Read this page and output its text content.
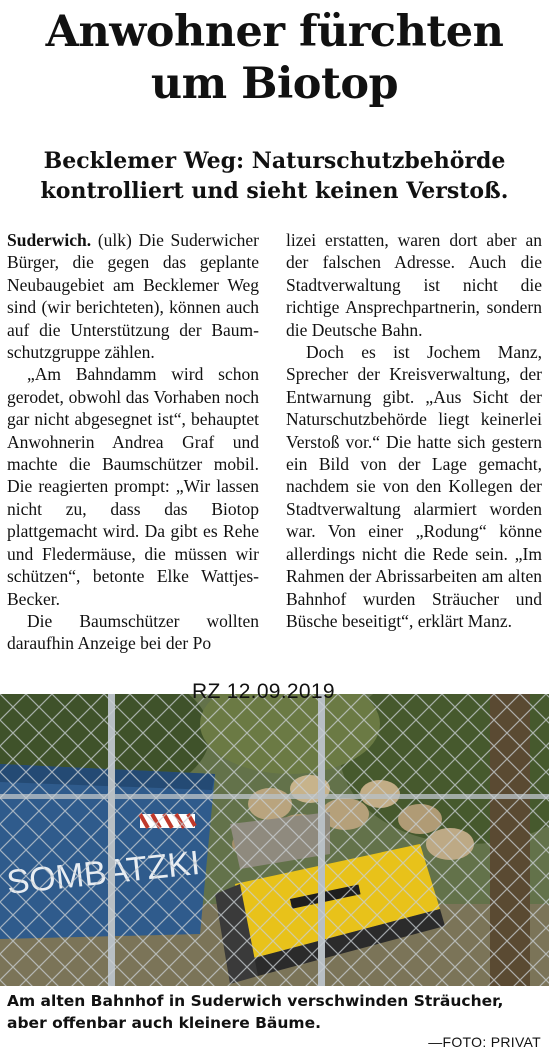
Anwohner fürchten
um Biotop
Becklemer Weg: Naturschutzbehörde
kontrolliert und sieht keinen Verstoß.

Suderwich. (ulk) Die Suderwicher Bürger, die gegen das geplante Neubaugebiet am Becklemer Weg sind (wir berichteten), können auch auf die Unterstützung der Baumschutzgruppe zählen.

„Am Bahndamm wird schon gerodet, obwohl das Vorhaben noch gar nicht abgesegnet ist“, behauptet Anwohnerin Andrea Graf und machte die Baumschützer mobil. Die reagierten prompt: „Wir lassen nicht zu, dass das Biotop plattgemacht wird. Da gibt es Rehe und Fledermäuse, die müssen wir schützen“, betonte Elke Wattjes-Becker.

Die Baumschützer wollten daraufhin Anzeige bei der Po

lizei erstatten, waren dort aber an der falschen Adresse. Auch die Stadtverwaltung ist nicht die richtige Ansprechpartnerin, sondern die Deutsche Bahn.

Doch es ist Jochem Manz, Sprecher der Kreisverwaltung, der Entwarnung gibt. „Aus Sicht der Naturschutzbehörde liegt keinerlei Verstoß vor.“ Die hatte sich gestern ein Bild von der Lage gemacht, nachdem sie von den Kollegen der Stadtverwaltung alarmiert worden war. Von einer „Rodung“ könne allerdings nicht die Rede sein. „Im Rahmen der Abrissarbeiten am alten Bahnhof wurden Sträucher und Büsche beseitigt“, erklärt Manz.

RZ 12.09.2019
Am alten Bahnhof in Suderwich verschwinden Sträucher,
aber offenbar auch kleinere Bäume.
—FOTO: PRIVAT
